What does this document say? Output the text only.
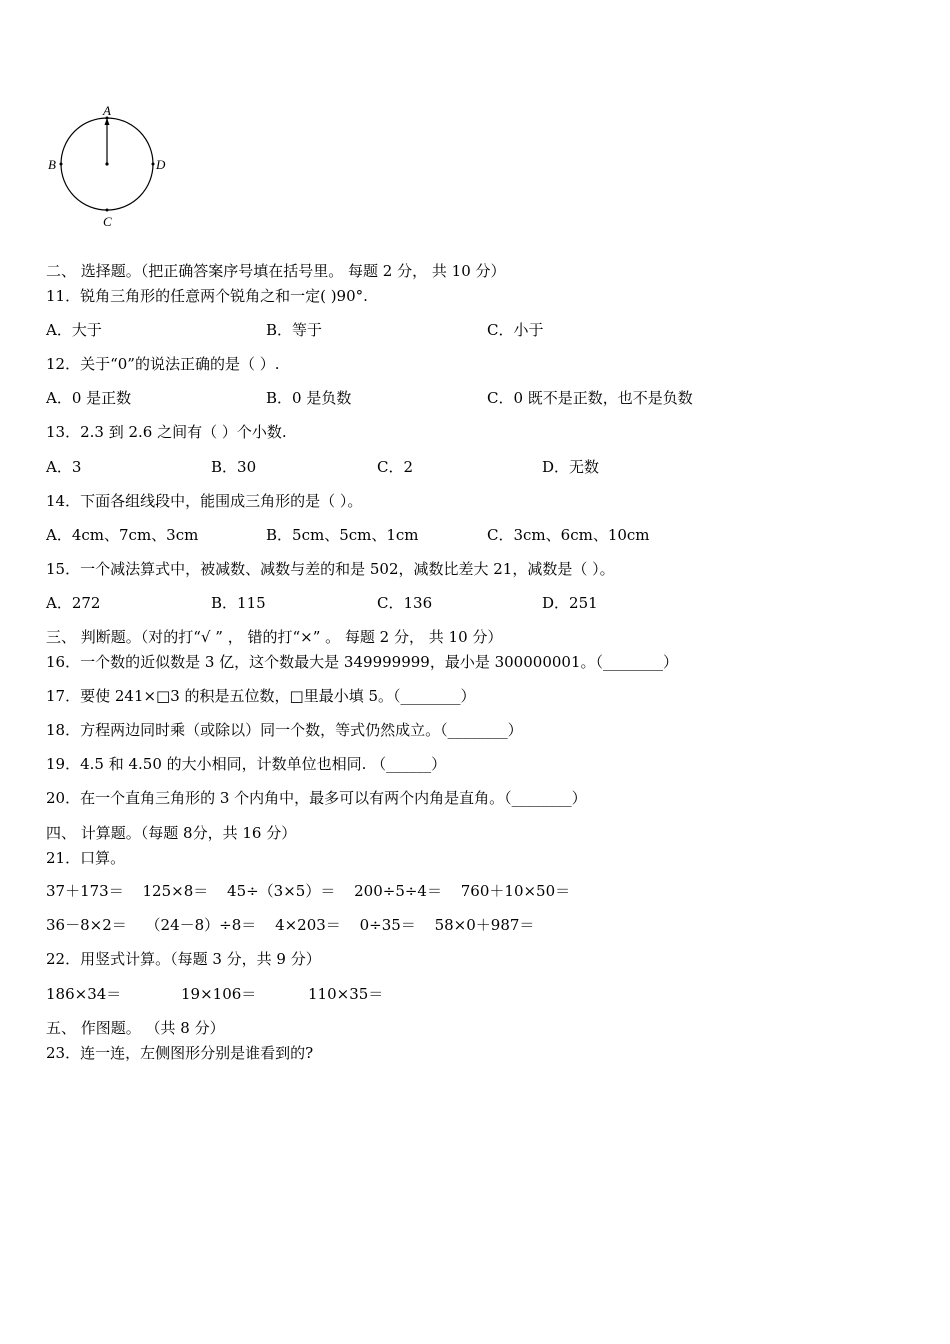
A
B
C
D
二、 选择题。（把正确答案序号填在括号里。 每题 2 分， 共 10 分）
11．锐角三角形的任意两个锐角之和一定( )90°.
A．大于	B．等于	C．小于
12．关于“0”的说法正确的是（ ）.
A．0 是正数	B．0 是负数	C．0 既不是正数，也不是负数
13．2.3 到 2.6 之间有（ ）个小数.
A．3	B．30	C．2	D．无数
14．下面各组线段中，能围成三角形的是（ ）。
A．4cm、7cm、3cm	B．5cm、5cm、1cm	C．3cm、6cm、10cm
15．一个减法算式中，被减数、减数与差的和是 502，减数比差大 21，减数是（ ）。
A．272	B．115	C．136	D．251
三、 判断题。（对的打“√ ” ， 错的打“×” 。 每题 2 分， 共 10 分）
16．一个数的近似数是 3 亿，这个数最大是 349999999，最小是 300000001。（________）
17．要使 241×□3 的积是五位数，□里最小填 5。（________）
18．方程两边同时乘（或除以）同一个数，等式仍然成立。（________）
19．4.5 和 4.50 的大小相同，计数单位也相同. （______）
20．在一个直角三角形的 3 个内角中，最多可以有两个内角是直角。（________）
四、 计算题。（每题 8分，共 16 分）
21．口算。
37＋173＝ 125×8＝ 45÷（3×5）＝ 200÷5÷4＝ 760＋10×50＝
36－8×2＝ （24－8）÷8＝ 4×203＝ 0÷35＝ 58×0＋987＝
22．用竖式计算。（每题 3 分，共 9 分）
186×34＝	19×106＝	110×35＝
五、 作图题。 （共 8 分）
23．连一连，左侧图形分别是谁看到的?
